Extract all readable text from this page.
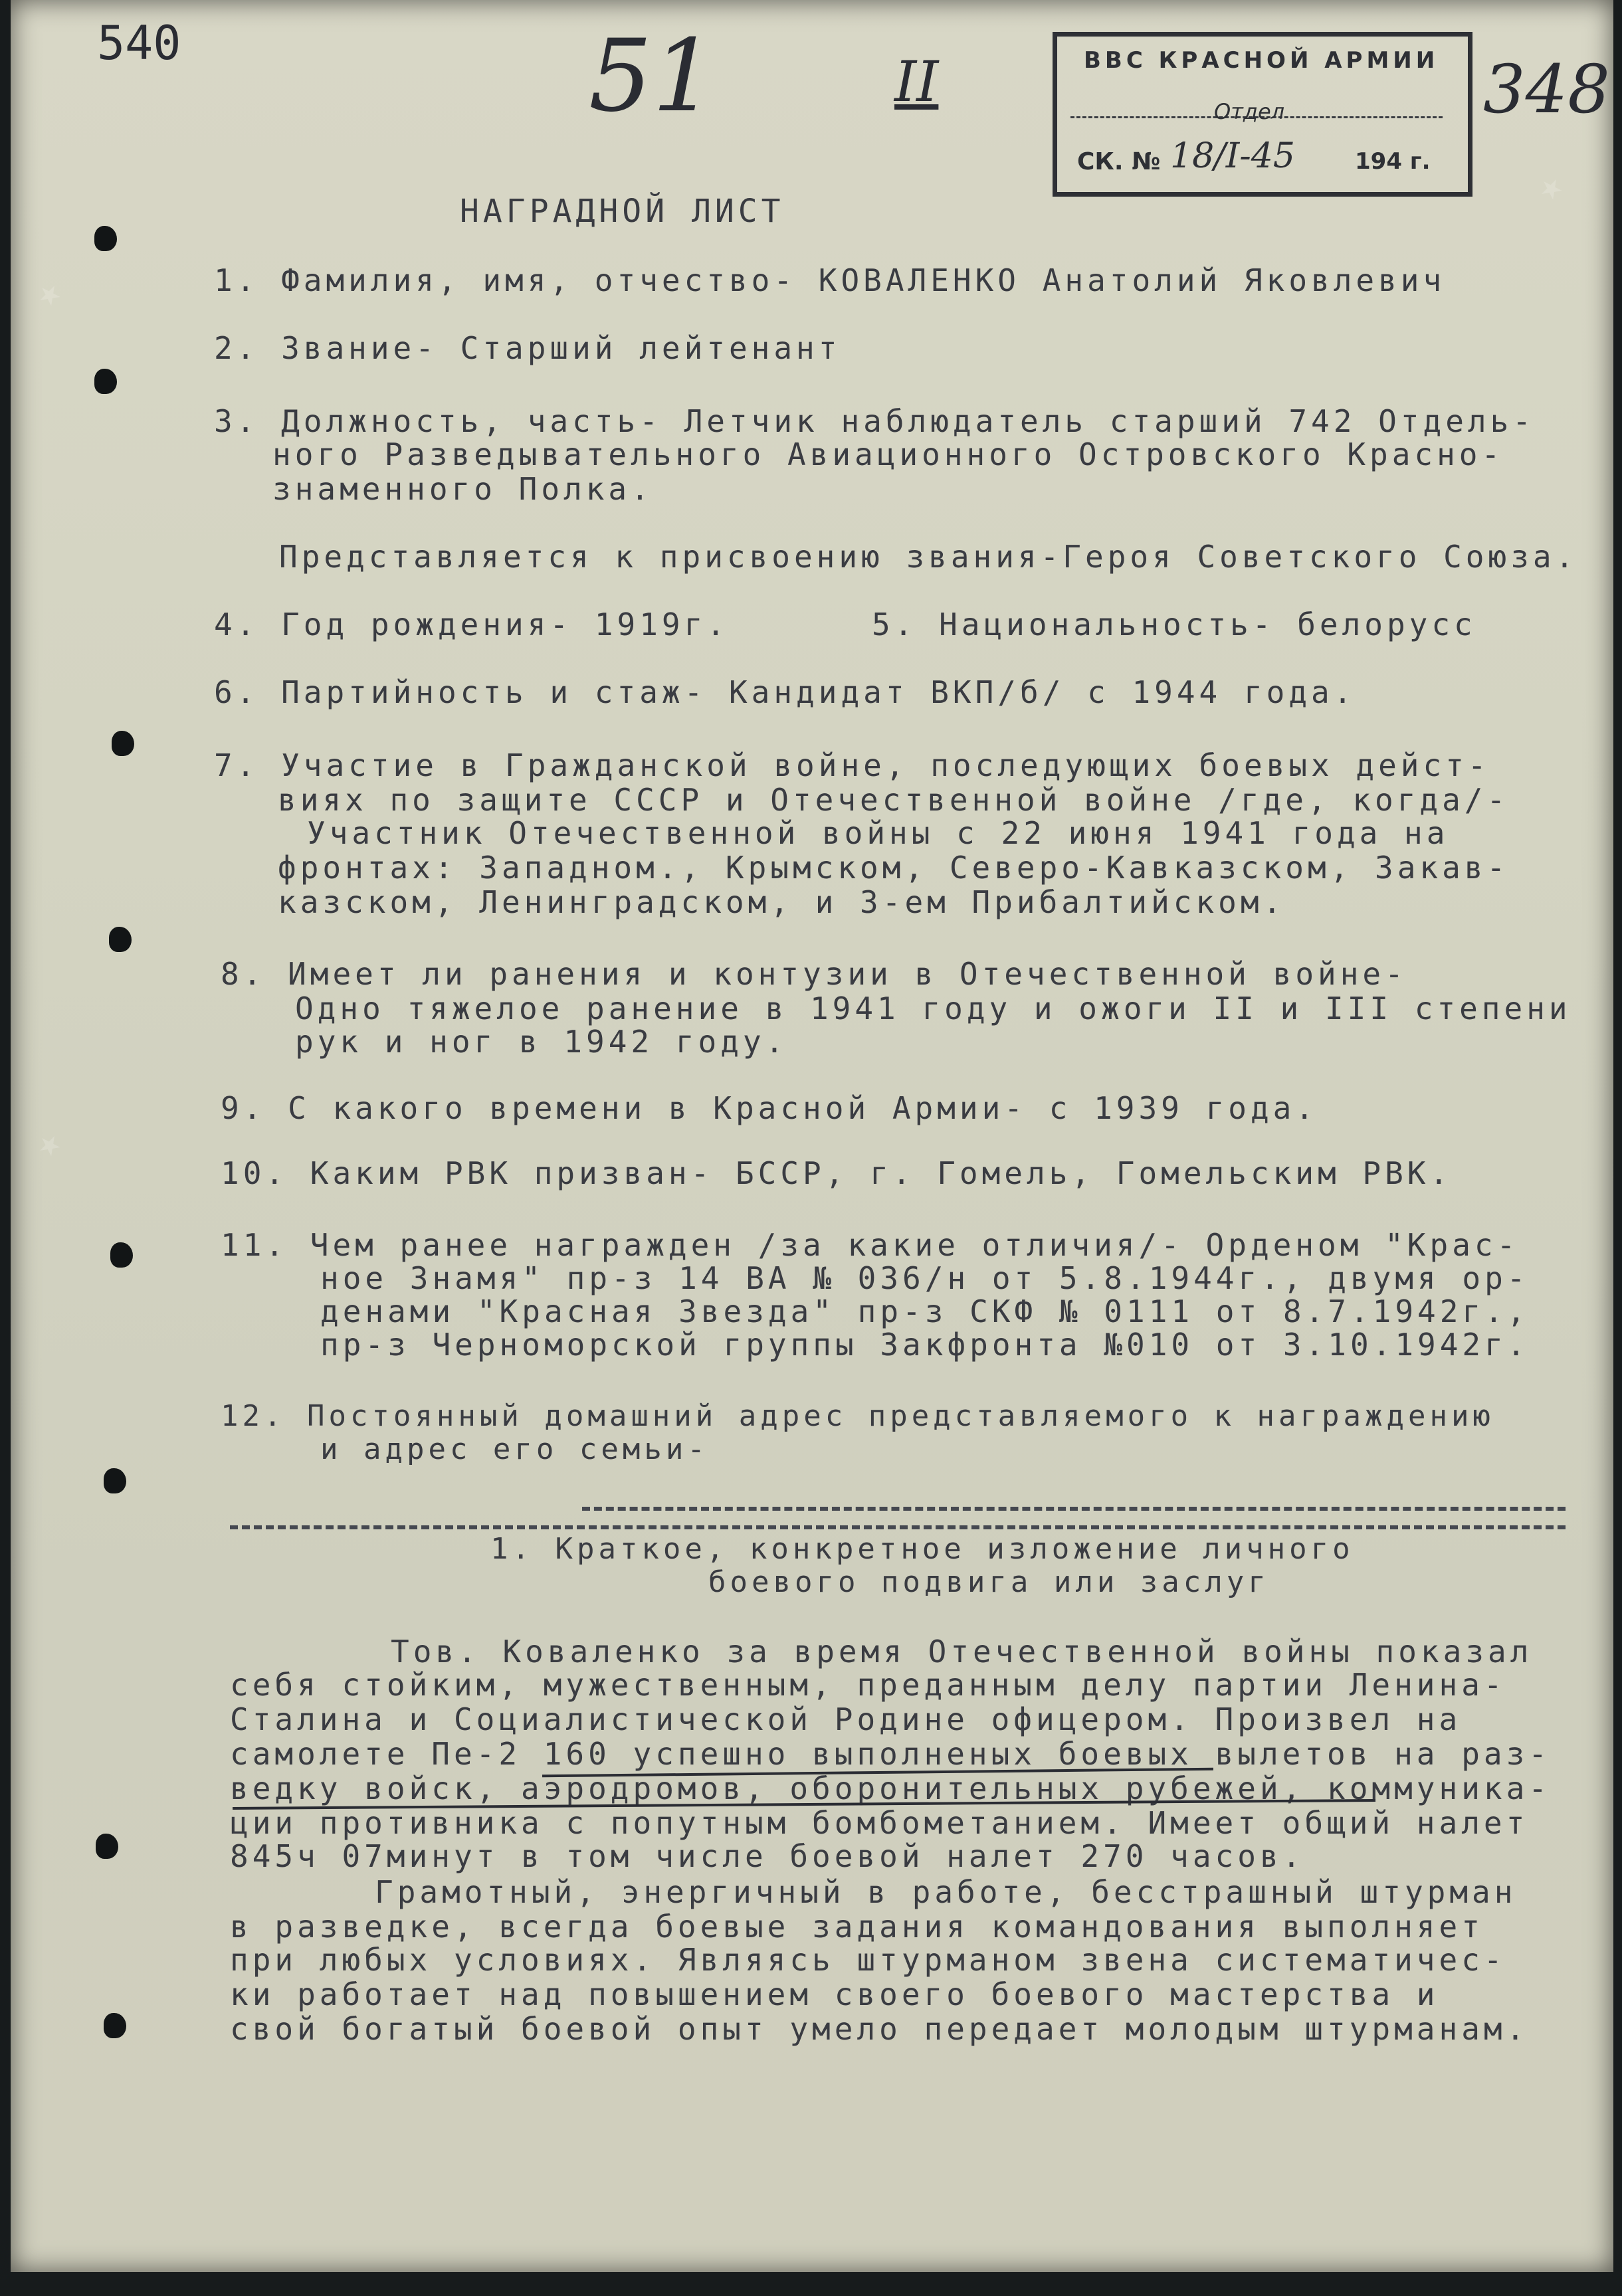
★
★
★
540	51	II	348
ВВС КРАСНОЙ АРМИИ
Отдел
СК. № 18/I-45	194 г.
НАГРАДНОЙ ЛИСТ
1. Фамилия, имя, отчество- КОВАЛЕНКО Анатолий Яковлевич
2. Звание- Старший лейтенант
3. Должность, часть- Летчик наблюдатель старший 742 Отдель-
ного Разведывательного Авиационного Островского Красно-
знаменного Полка.
Представляется к присвоению звания-Героя Советского Союза.
4. Год рождения- 1919г.	5. Национальность- белорусс
6. Партийность и стаж- Кандидат ВКП/б/ с 1944 года.
7. Участие в Гражданской войне, последующих боевых дейст-
виях по защите СССР и Отечественной войне /где, когда/-
Участник Отечественной войны с 22 июня 1941 года на
фронтах: Западном., Крымском, Северо-Кавказском, Закав-
казском, Ленинградском, и 3-ем Прибалтийском.
8. Имеет ли ранения и контузии в Отечественной войне-
Одно тяжелое ранение в 1941 году и ожоги II и III степени
рук и ног в 1942 году.
9. С какого времени в Красной Армии- с 1939 года.
10. Каким РВК призван- БССР, г. Гомель, Гомельским РВК.
11. Чем ранее награжден /за какие отличия/- Орденом "Крас-
ное Знамя" пр-з 14 ВА № 036/н от 5.8.1944г., двумя ор-
денами "Красная Звезда" пр-з СКФ № 0111 от 8.7.1942г.,
пр-з Черноморской группы Закфронта №010 от 3.10.1942г.
12. Постоянный домашний адрес представляемого к награждению
и адрес его семьи-
1. Краткое, конкретное изложение личного
боевого подвига или заслуг
Тов. Коваленко за время Отечественной войны показал
себя стойким, мужественным, преданным делу партии Ленина-
Сталина и Социалистической Родине офицером. Произвел на
самолете Пе-2 160 успешно выполненых боевых вылетов на раз-
ведку войск, аэродромов, оборонительных рубежей, коммуника-
ции противника с попутным бомбометанием. Имеет общий налет
845ч 07минут в том числе боевой налет 270 часов.
Грамотный, энергичный в работе, бесстрашный штурман
в разведке, всегда боевые задания командования выполняет
при любых условиях. Являясь штурманом звена систематичес-
ки работает над повышением своего боевого мастерства и
свой богатый боевой опыт умело передает молодым штурманам.
